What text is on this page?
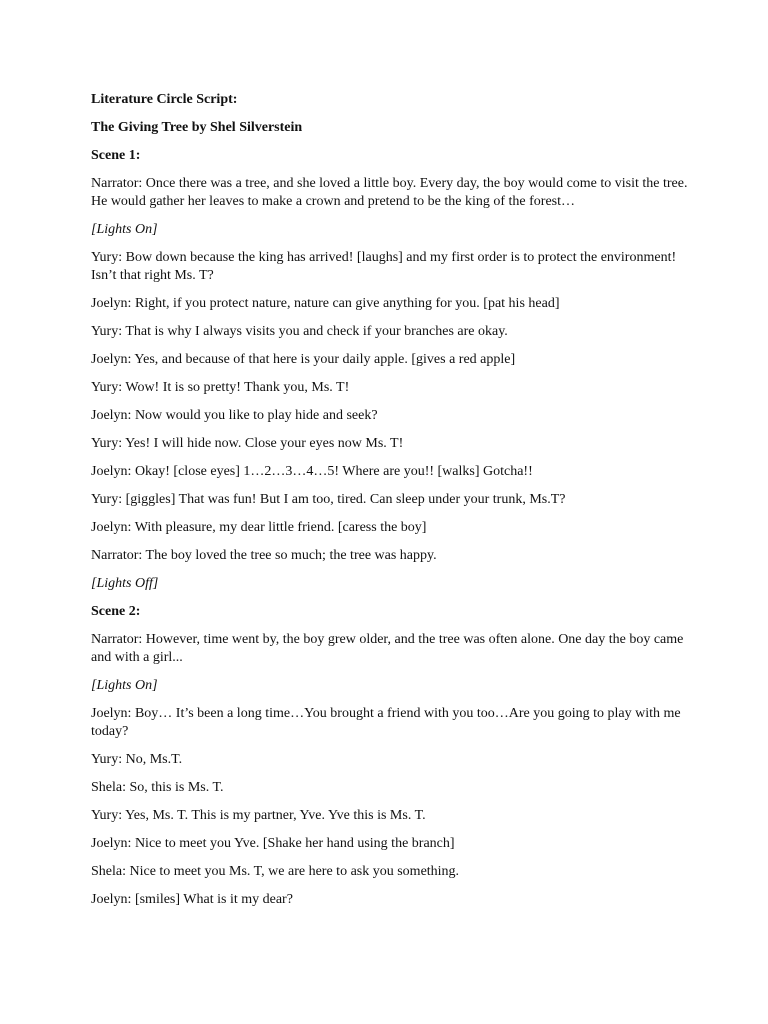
Literature Circle Script:

The Giving Tree by Shel Silverstein

Scene 1:

Narrator: Once there was a tree, and she loved a little boy. Every day, the boy would come to visit the tree. He would gather her leaves to make a crown and pretend to be the king of the forest…

[Lights On]

Yury: Bow down because the king has arrived! [laughs] and my first order is to protect the environment! Isn’t that right Ms. T?

Joelyn: Right, if you protect nature, nature can give anything for you. [pat his head]

Yury: That is why I always visits you and check if your branches are okay.

Joelyn: Yes, and because of that here is your daily apple. [gives a red apple]

Yury: Wow! It is so pretty! Thank you, Ms. T!

Joelyn: Now would you like to play hide and seek?

Yury: Yes! I will hide now. Close your eyes now Ms. T!

Joelyn: Okay! [close eyes] 1…2…3…4…5! Where are you!! [walks] Gotcha!!

Yury: [giggles] That was fun! But I am too, tired. Can sleep under your trunk, Ms.T?

Joelyn: With pleasure, my dear little friend. [caress the boy]

Narrator: The boy loved the tree so much; the tree was happy.

[Lights Off]

Scene 2:

Narrator: However, time went by, the boy grew older, and the tree was often alone. One day the boy came and with a girl...

[Lights On]

Joelyn: Boy… It’s been a long time…You brought a friend with you too…Are you going to play with me today?

Yury: No, Ms.T.

Shela: So, this is Ms. T.

Yury: Yes, Ms. T. This is my partner, Yve. Yve this is Ms. T.

Joelyn: Nice to meet you Yve. [Shake her hand using the branch]

Shela: Nice to meet you Ms. T, we are here to ask you something.

Joelyn: [smiles] What is it my dear?
